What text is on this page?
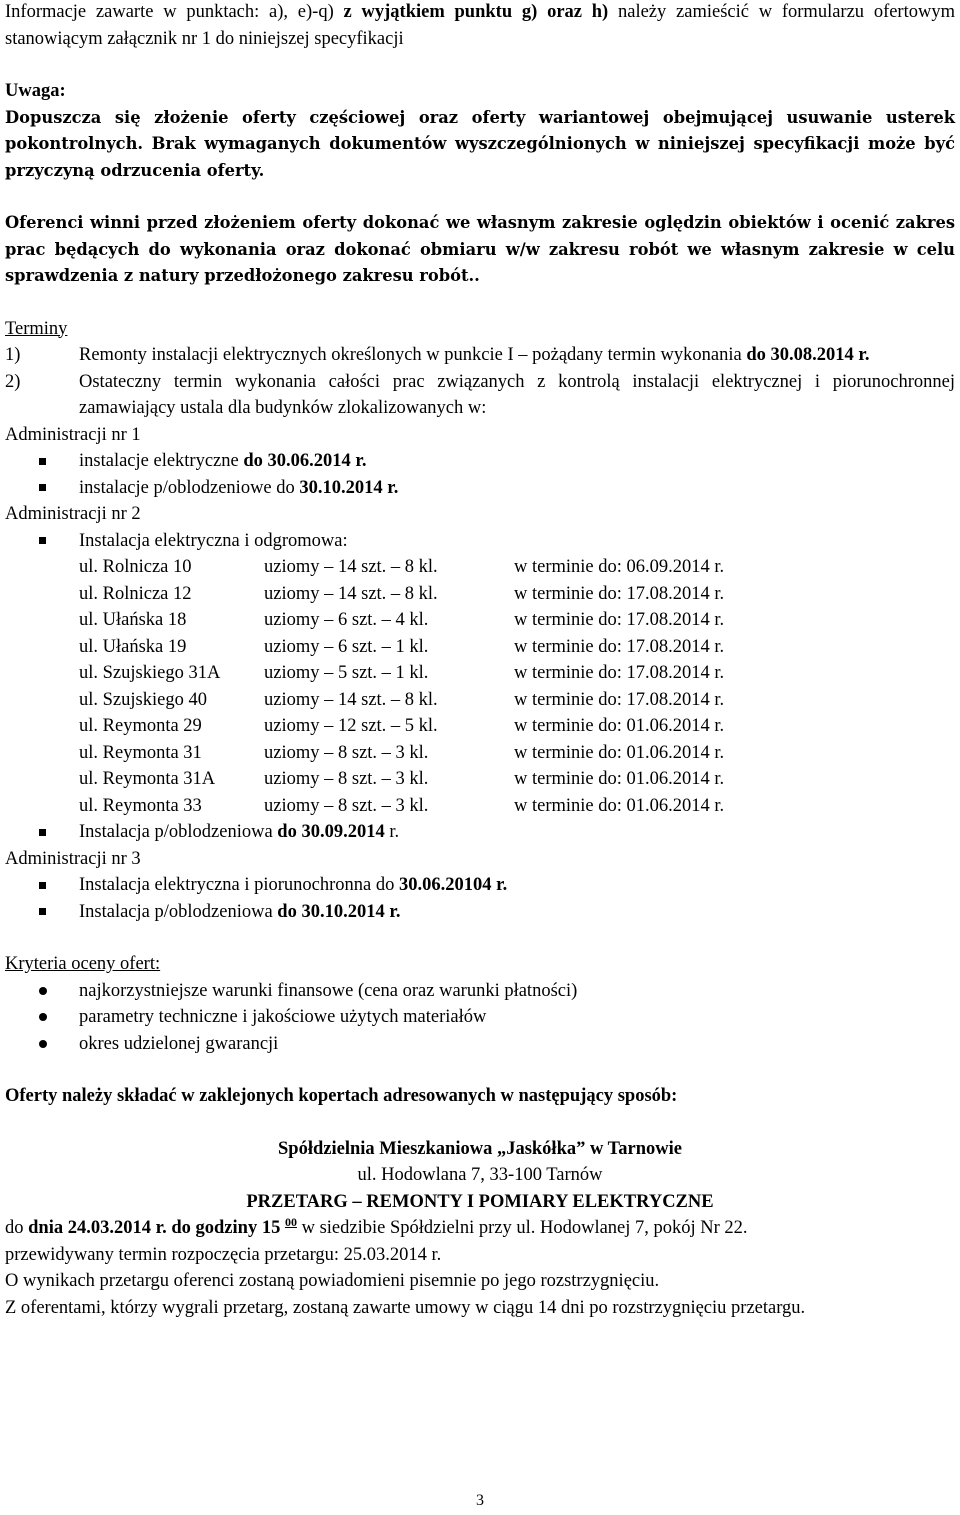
Informacje zawarte w punktach: a), e)-q) z wyjątkiem punktu g) oraz h) należy zamieścić w formularzu ofertowym stanowiącym załącznik nr 1 do niniejszej specyfikacji

Uwaga:

Dopuszcza się złożenie oferty częściowej oraz oferty wariantowej obejmującej usuwanie usterek pokontrolnych. Brak wymaganych dokumentów wyszczególnionych w niniejszej specyfikacji może być przyczyną odrzucenia oferty.

Oferenci winni przed złożeniem oferty dokonać we własnym zakresie oględzin obiektów i ocenić zakres prac będących do wykonania oraz dokonać obmiaru w/w zakresu robót we własnym zakresie w celu sprawdzenia z natury przedłożonego zakresu robót..

Terminy

1)	Remonty instalacji elektrycznych określonych w punkcie I – pożądany termin wykonania do 30.08.2014 r.
2)	Ostateczny termin wykonania całości prac związanych z kontrolą instalacji elektrycznej i piorunochronnej zamawiający ustala dla budynków zlokalizowanych w:

Administracji nr 1

instalacje elektryczne do 30.06.2014 r.
instalacje p/oblodzeniowe do 30.10.2014 r.

Administracji nr 2

Instalacja elektryczna i odgromowa:
ul. Rolnicza 10	uziomy – 14 szt. – 8 kl.	w terminie do: 06.09.2014 r.
ul. Rolnicza 12	uziomy – 14 szt. – 8 kl.	w terminie do: 17.08.2014 r.
ul. Ułańska 18	uziomy – 6 szt. – 4 kl.	w terminie do: 17.08.2014 r.
ul. Ułańska 19	uziomy – 6 szt. – 1 kl.	w terminie do: 17.08.2014 r.
ul. Szujskiego 31A	uziomy – 5 szt. – 1 kl.	w terminie do: 17.08.2014 r.
ul. Szujskiego 40	uziomy – 14 szt. – 8 kl.	w terminie do: 17.08.2014 r.
ul. Reymonta 29	uziomy – 12 szt. – 5 kl.	w terminie do: 01.06.2014 r.
ul. Reymonta 31	uziomy – 8 szt. – 3 kl.	w terminie do: 01.06.2014 r.
ul. Reymonta 31A	uziomy – 8 szt. – 3 kl.	w terminie do: 01.06.2014 r.
ul. Reymonta 33	uziomy – 8 szt. – 3 kl.	w terminie do: 01.06.2014 r.
Instalacja p/oblodzeniowa do 30.09.2014 r.

Administracji nr 3

Instalacja elektryczna i piorunochronna do 30.06.20104 r.
Instalacja p/oblodzeniowa do 30.10.2014 r.

Kryteria oceny ofert:

najkorzystniejsze warunki finansowe (cena oraz warunki płatności)
parametry techniczne i jakościowe użytych materiałów
okres udzielonej gwarancji

Oferty należy składać w zaklejonych kopertach adresowanych w następujący sposób:

Spółdzielnia Mieszkaniowa „Jaskółka” w Tarnowie

ul. Hodowlana 7, 33-100 Tarnów

PRZETARG – REMONTY I POMIARY ELEKTRYCZNE

do dnia 24.03.2014 r. do godziny 15 $^{00}$ w siedzibie Spółdzielni przy ul. Hodowlanej 7, pokój Nr 22.

przewidywany termin rozpoczęcia przetargu: 25.03.2014 r.

O wynikach przetargu oferenci zostaną powiadomieni pisemnie po jego rozstrzygnięciu.

Z oferentami, którzy wygrali przetarg, zostaną zawarte umowy w ciągu 14 dni po rozstrzygnięciu przetargu.

3
